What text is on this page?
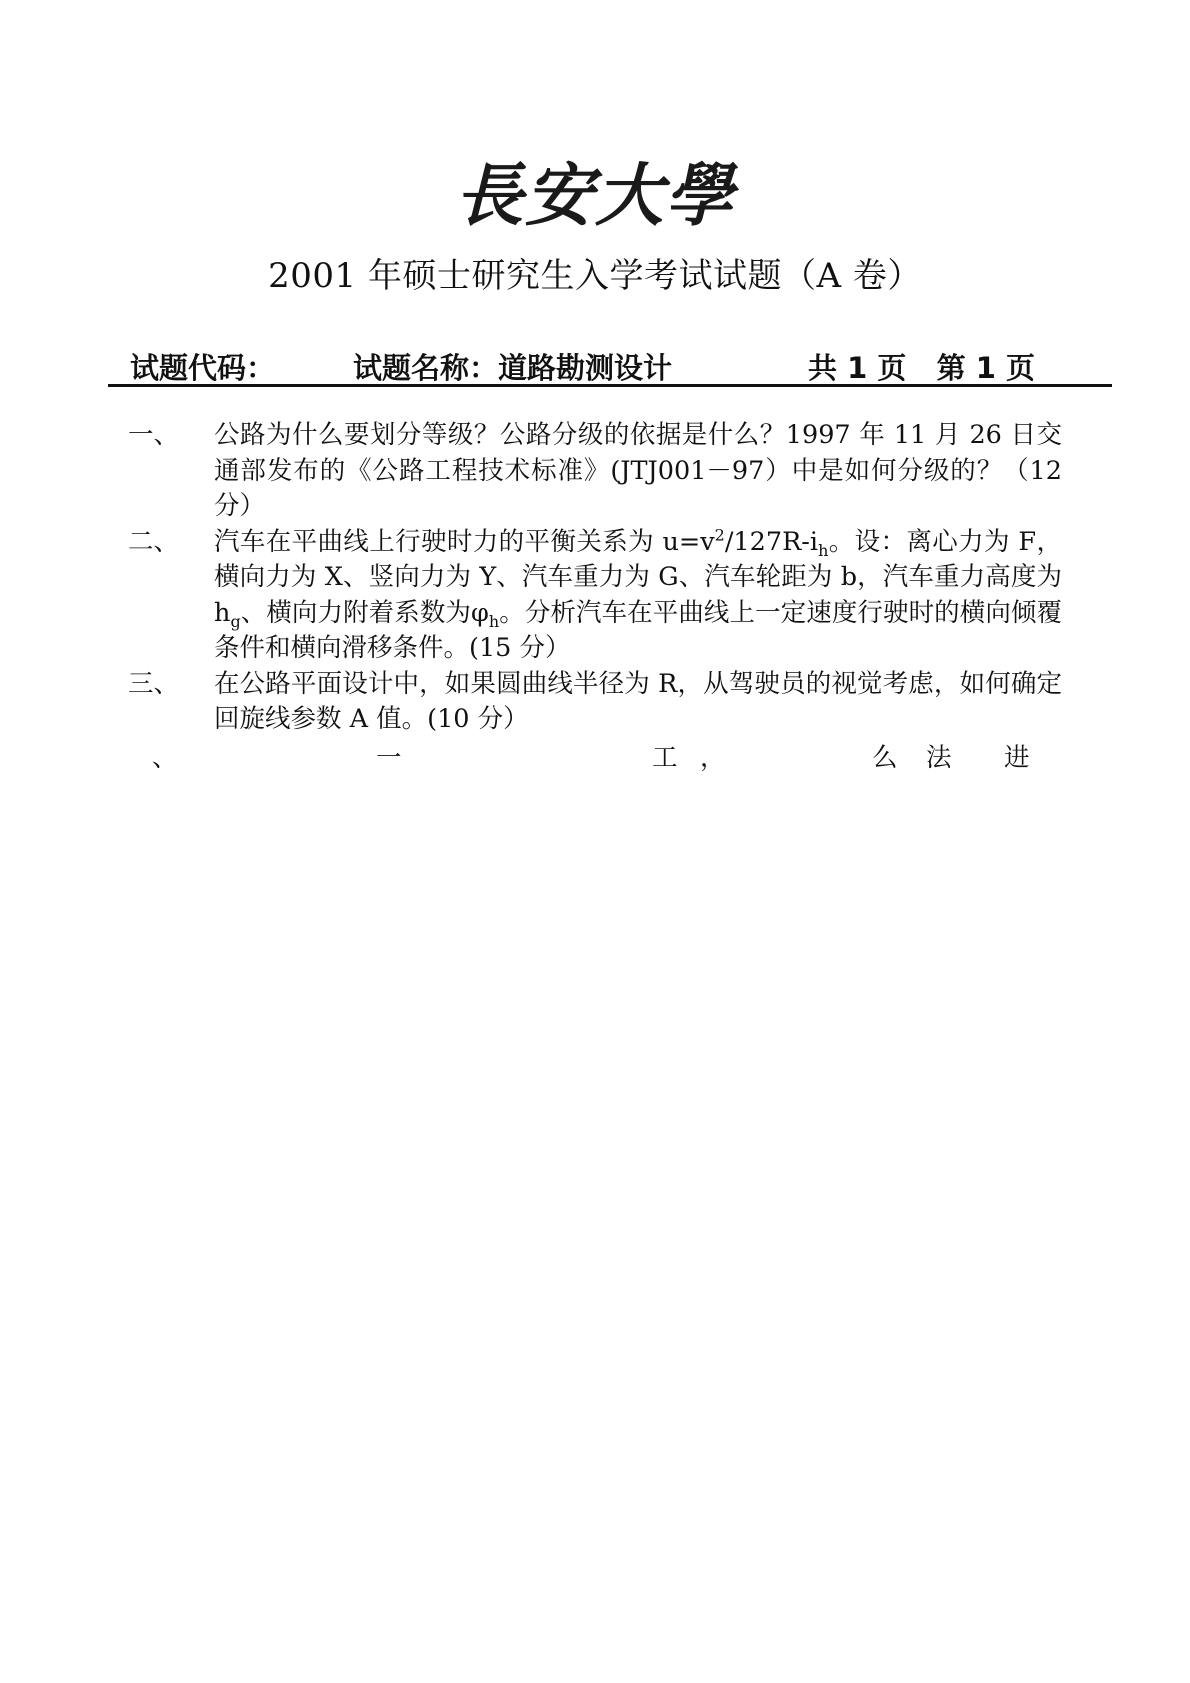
長安大學
2001 年硕士研究生入学考试试题（A 卷）
试题代码：	试题名称：道路勘测设计	共 1 页   第 1 页
一、 公路为什么要划分等级？公路分级的依据是什么？1997 年 11 月 26 日交通部发布的《公路工程技术标准》(JTJ001－97）中是如何分级的？（12 分）
二、 汽车在平曲线上行驶时力的平衡关系为 $u=v^2/127R-i_h$。设：离心力为 F，横向力为 X、竖向力为 Y、汽车重力为 G、汽车轮距为 b，汽车重力高度为 $h_g$、横向力附着系数为$\varphi_h$。分析汽车在平曲线上一定速度行驶时的横向倾覆条件和横向滑移条件。(15 分）
三、 在公路平面设计中，如果圆曲线半径为 R，从驾驶员的视觉考虑，如何确定回旋线参数 A 值。(10 分）
、	一	工 ，	么 法 进
